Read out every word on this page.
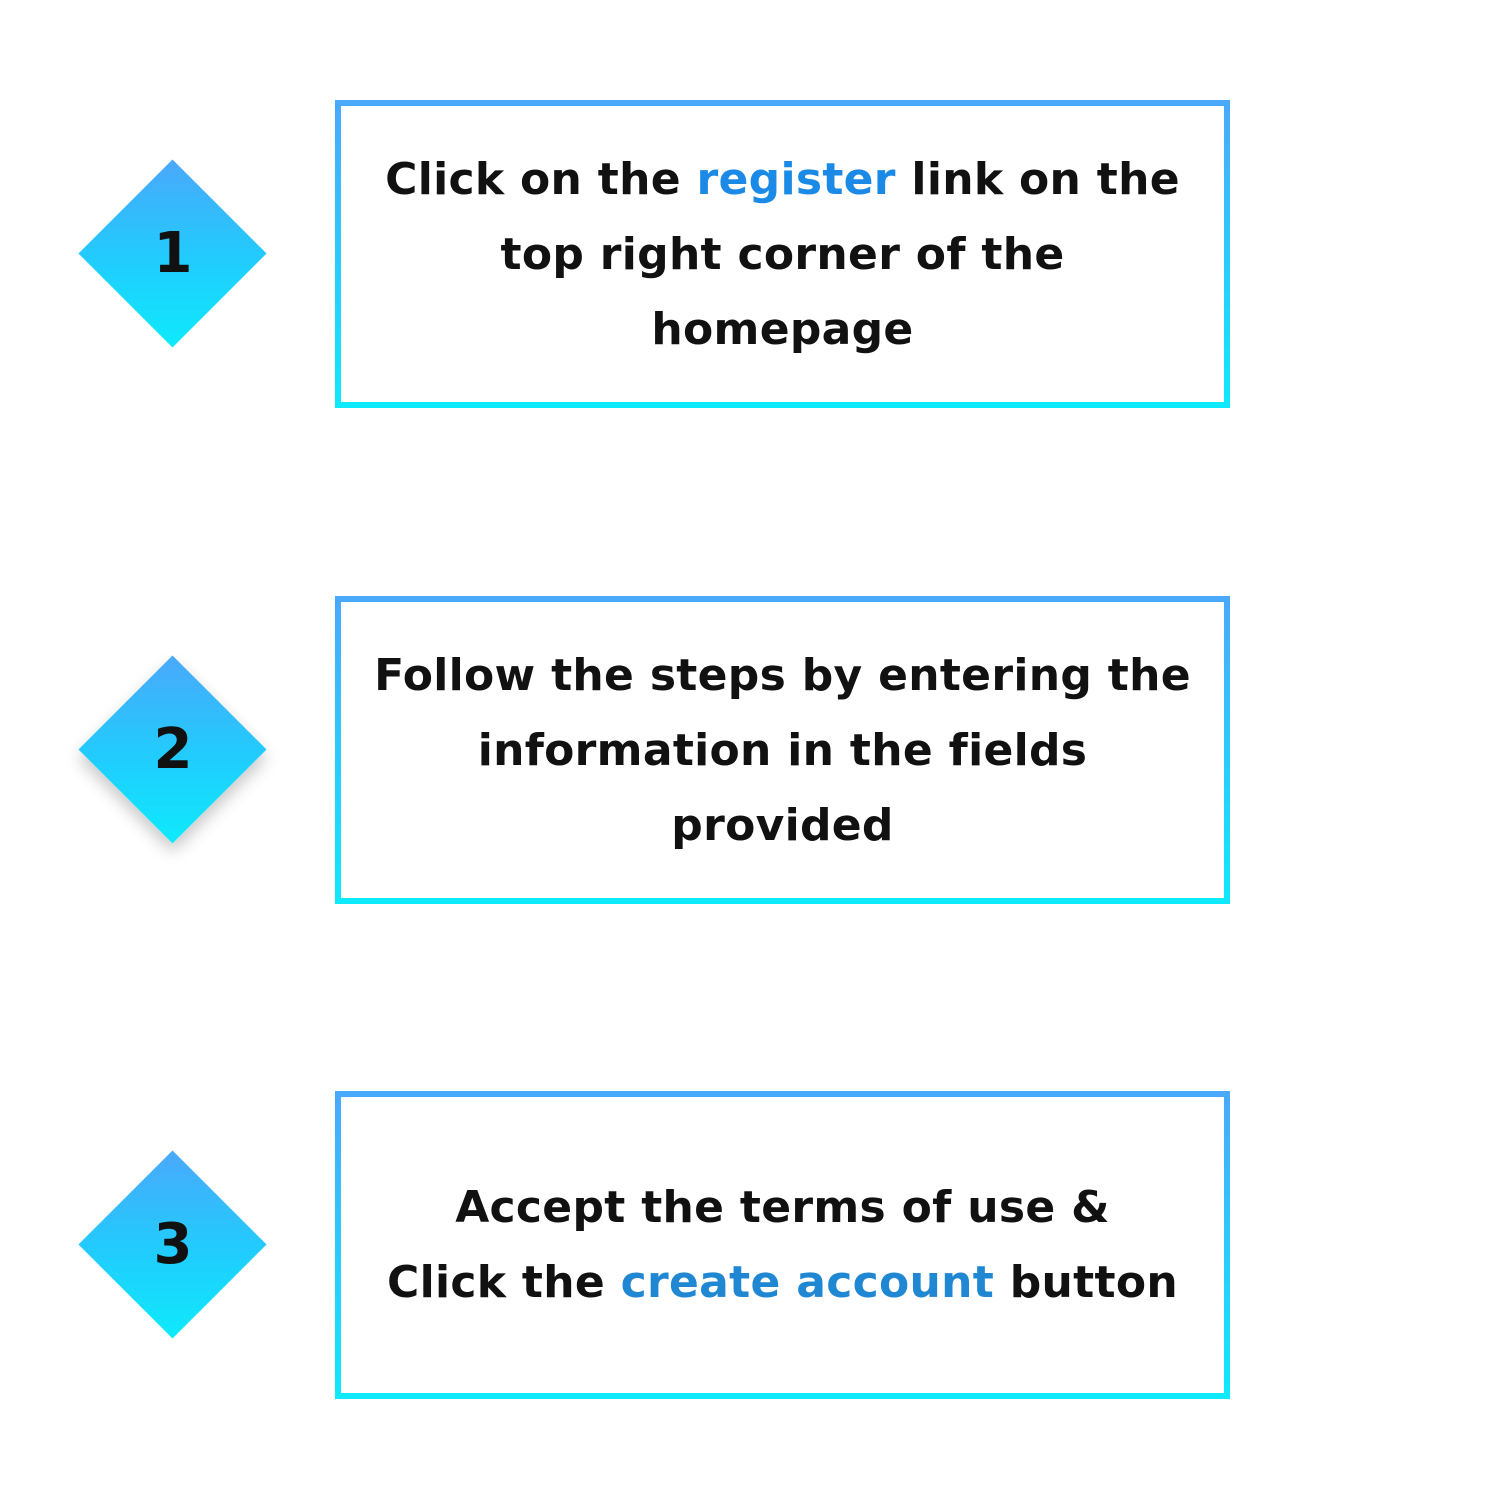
1

Click on the register link on the
top right corner of the
homepage

2

Follow the steps by entering the
information in the fields
provided

3

Accept the terms of use &
Click the create account button
